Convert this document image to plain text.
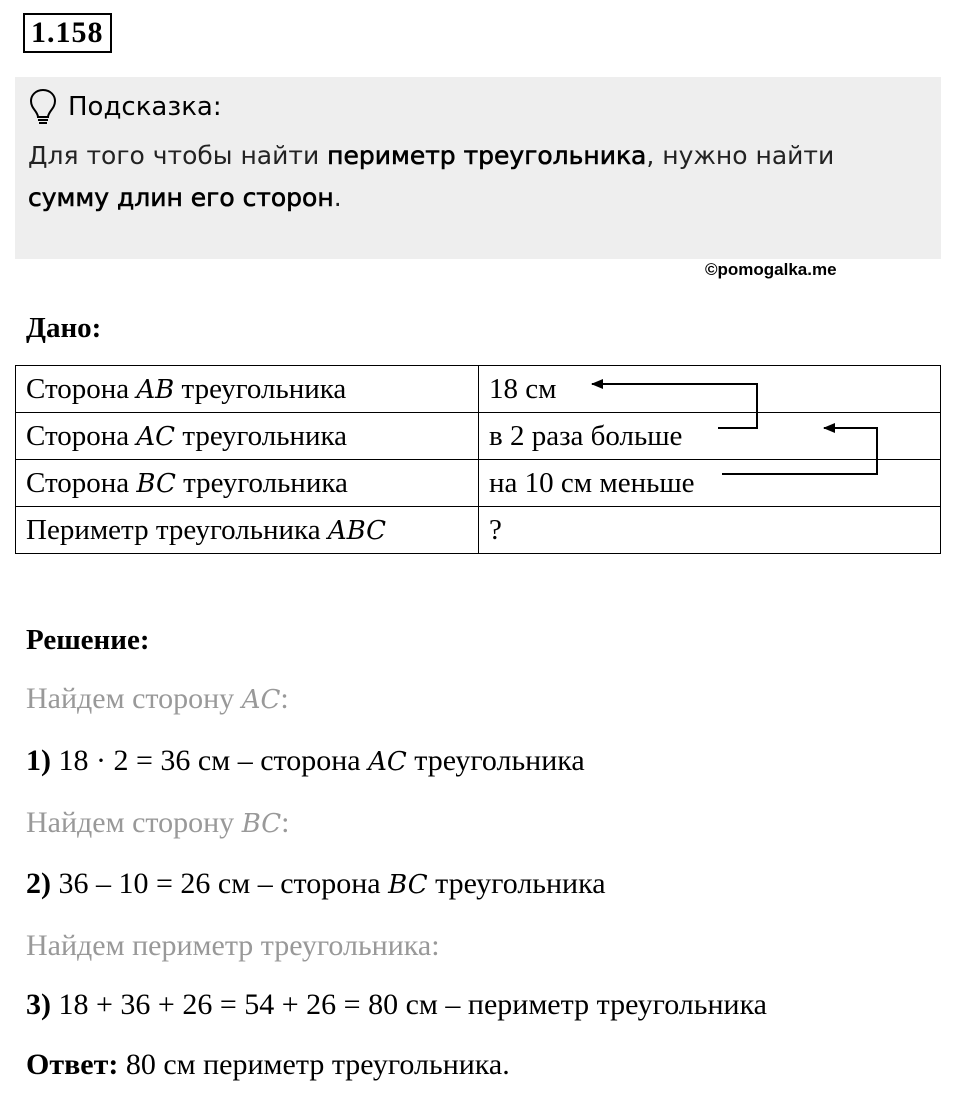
1.158
Подсказка:
Для того чтобы найти периметр треугольника, нужно найти
сумму длин его сторон.
©pomogalka.me
Дано:
Сторона AB треугольника	18 см
Сторона AC треугольника	в 2 раза больше
Сторона BC треугольника	на 10 см меньше
Периметр треугольника ABC	?
Решение:
Найдем сторону AC:
1) 18 · 2 = 36 см – сторона AC треугольника
Найдем сторону BC:
2) 36 – 10 = 26 см – сторона BC треугольника
Найдем периметр треугольника:
3) 18 + 36 + 26 = 54 + 26 = 80 см – периметр треугольника
Ответ: 80 см периметр треугольника.
